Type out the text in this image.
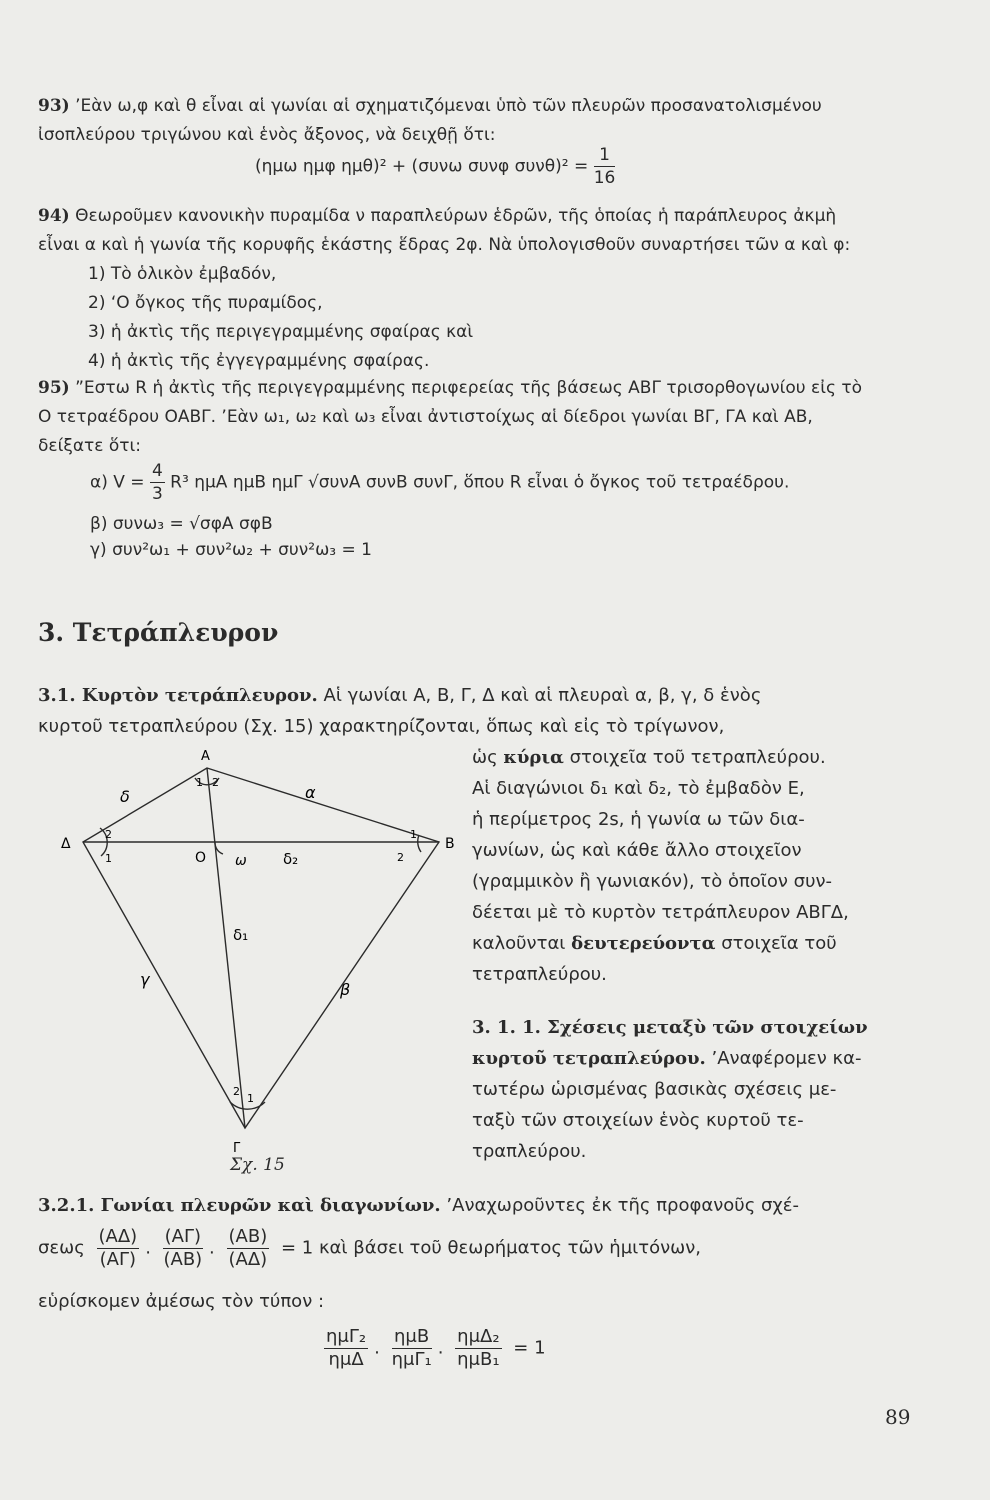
93) ’Εὰν ω,φ καὶ θ εἶναι αἱ γωνίαι αἱ σχηματιζόμεναι ὑπὸ τῶν πλευρῶν προσανατολισμένου
ἰσοπλεύρου τριγώνου καὶ ἑνὸς ἄξονος, νὰ δειχθῇ ὅτι:
(ημω ημφ ημθ)² + (συνω συνφ $\sigma\upsilon\nu\theta)^2 = \frac{1}{16}$
94) Θεωροῦμεν κανονικὴν πυραμίδα ν παραπλεύρων ἑδρῶν, τῆς ὁποίας ἡ παράπλευρος ἀκμὴ
εἶναι α καὶ ἡ γωνία τῆς κορυφῆς ἑκάστης ἕδρας 2φ. Νὰ ὑπολογισθοῦν συναρτήσει τῶν α καὶ φ:
1) Τὸ ὁλικὸν ἐμβαδόν,
2) ‘Ο ὄγκος τῆς πυραμίδος,
3) ἡ ἀκτὶς τῆς περιγεγραμμένης σφαίρας καὶ
4) ἡ ἀκτὶς τῆς ἐγγεγραμμένης σφαίρας.
95) ”Εστω R ἡ ἀκτὶς τῆς περιγεγραμμένης περιφερείας τῆς βάσεως ΑΒΓ τρισορθογωνίου εἰς τὸ
Ο τετραέδρου ΟΑΒΓ. ’Εὰν ω₁, ω₂ καὶ ω₃ εἶναι ἀντιστοίχως αἱ δίεδροι γωνίαι ΒΓ, ΓΑ καὶ ΑΒ,
δείξατε ὅτι:
α) $V = \frac{4}{3} R^3$ ημΑ ημΒ ημΓ √συνΑ συνΒ συνΓ, ὅπου R εἶναι ὁ ὄγκος τοῦ τετραέδρου.
β) συνω₃ = √σφΑ σφΒ
γ) συν²ω₁ + συν²ω₂ + συν²ω₃ = 1
3. Τετράπλευρον
3.1. Κυρτὸν τετράπλευρον. Αἱ γωνίαι Α, Β, Γ, Δ καὶ αἱ πλευραὶ α, β, γ, δ ἑνὸς
κυρτοῦ τετραπλεύρου (Σχ. 15) χαρακτηρίζονται, ὅπως καὶ εἰς τὸ τρίγωνον,
ὡς κύρια στοιχεῖα τοῦ τετραπλεύρου.
Αἱ διαγώνιοι δ₁ καὶ δ₂, τὸ ἐμβαδὸν Ε,
ἡ περίμετρος 2s, ἡ γωνία ω τῶν δια-
γωνίων, ὡς καὶ κάθε ἄλλο στοιχεῖον
(γραμμικὸν ἢ γωνιακόν), τὸ ὁποῖον συν-
δέεται μὲ τὸ κυρτὸν τετράπλευρον ΑΒΓΔ,
καλοῦνται δευτερεύοντα στοιχεῖα τοῦ
τετραπλεύρου.
3. 1. 1. Σχέσεις μεταξὺ τῶν στοιχείων
κυρτοῦ τετραπλεύρου. ’Αναφέρομεν κα-
τωτέρω ὡρισμένας βασικὰς σχέσεις με-
ταξὺ τῶν στοιχείων ἑνὸς κυρτοῦ τε-
τραπλεύρου.
A
B
Γ
Δ
O
α
δ
β
γ
δ₁
δ₂
ω
1 2
2
1
1
2
2
1
Σχ. 15
3.2.1. Γωνίαι πλευρῶν καὶ διαγωνίων. ’Αναχωροῦντες ἐκ τῆς προφανοῦς σχέ-
σεως $\frac{(A\Delta)}{(A\Gamma)}$ . $\frac{(A\Gamma)}{(AB)}$ . $\frac{(AB)}{(A\Delta)} = 1$ καὶ βάσει τοῦ θεωρήματος τῶν ἡμιτόνων,
εὑρίσκομεν ἀμέσως τὸν τύπον :
$\frac{\text{ημΓ₂}}{\text{ημΔ}}$ . $\frac{\text{ημΒ}}{\text{ημΓ₁}}$ . $\frac{\text{ημΔ₂}}{\text{ημΒ₁}} = 1$
89
